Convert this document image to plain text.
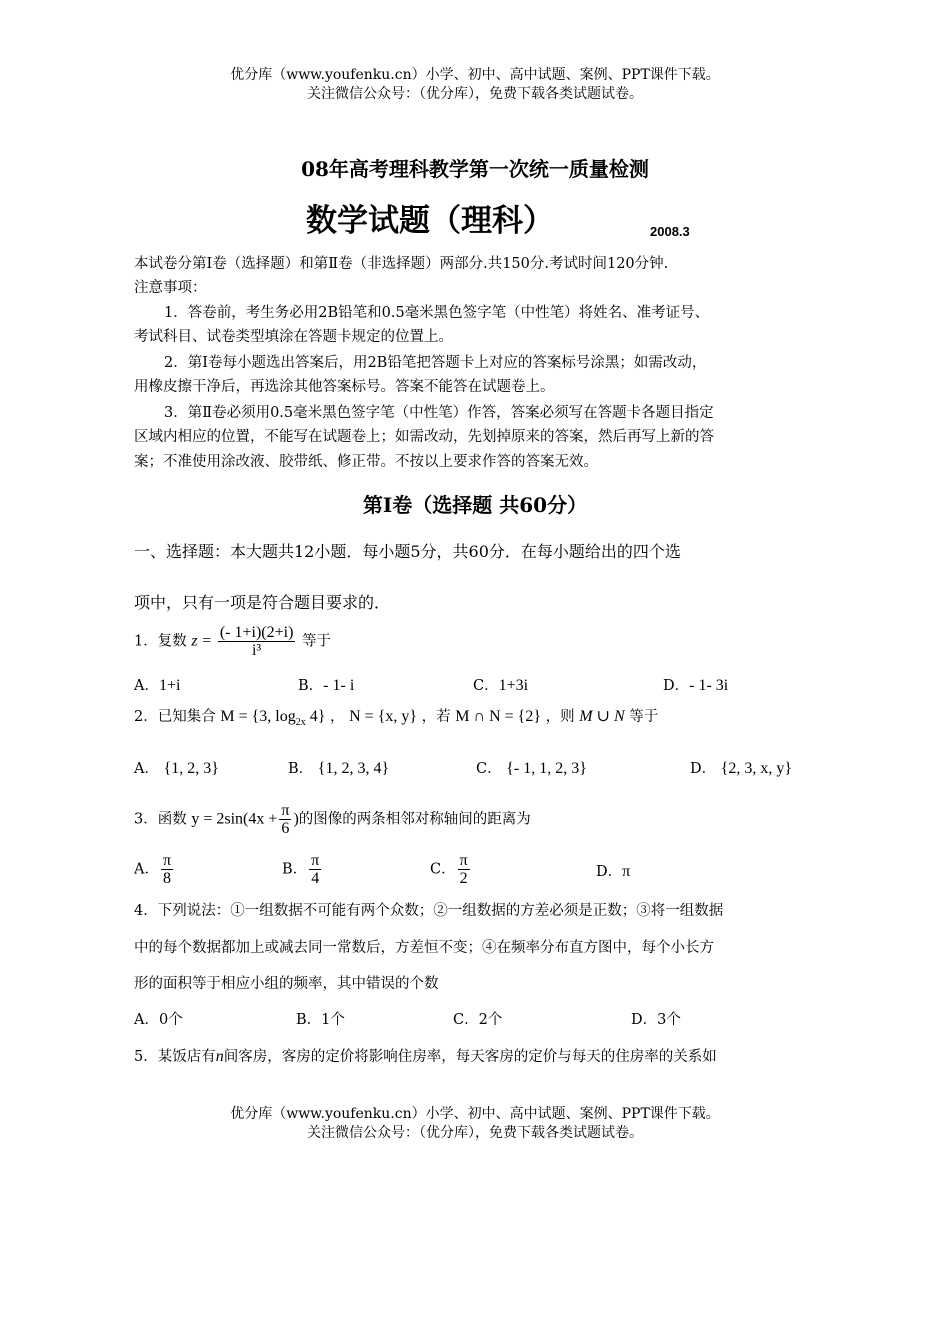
优分库（www.youfenku.cn）小学、初中、高中试题、案例、PPT课件下载。
关注微信公众号：（优分库），免费下载各类试题试卷。
08年高考理科教学第一次统一质量检测
数学试题（理科）	2008.3
本试卷分第Ⅰ卷（选择题）和第Ⅱ卷（非选择题）两部分.共150分.考试时间120分钟.
注意事项：
1．答卷前，考生务必用2B铅笔和0.5毫米黑色签字笔（中性笔）将姓名、准考证号、
考试科目、试卷类型填涂在答题卡规定的位置上。
2．第Ⅰ卷每小题选出答案后，用2B铅笔把答题卡上对应的答案标号涂黑；如需改动，
用橡皮擦干净后，再选涂其他答案标号。答案不能答在试题卷上。
3．第Ⅱ卷必须用0.5毫米黑色签字笔（中性笔）作答，答案必须写在答题卡各题目指定
区域内相应的位置，不能写在试题卷上；如需改动，先划掉原来的答案，然后再写上新的答
案；不准使用涂改液、胶带纸、修正带。不按以上要求作答的答案无效。
第Ⅰ卷（选择题 共60分）
一、选择题：本大题共12小题．每小题5分，共60分．在每小题给出的四个选
项中，只有一项是符合题目要求的．
1．复数 $z = \frac{(- 1+i)(2+i)}{\text{i³}}$ 等于
A．1+i	B．- 1- i	C．1+3i	D．- 1- 3i
2．已知集合 M = {3, $\log_{2x} 4$} ， N = {x, y} ，若 M ∩ N = {2} ，则 M ∪ N 等于
A． {1, 2, 3}	B． {1, 2, 3, 4}	C． {- 1, 1, 2, 3}	D． {2, 3, x, y}
3．函数 $y = 2\sin(4x + \frac{\pi}{6}$ )的图像的两条相邻对称轴间的距离为
A． $\frac{\pi}{8}$	B． $\frac{\pi}{4}$	C． $\frac{\pi}{2}$	D．π
4．下列说法：①一组数据不可能有两个众数；②一组数据的方差必须是正数；③将一组数据
中的每个数据都加上或减去同一常数后，方差恒不变；④在频率分布直方图中，每个小长方
形的面积等于相应小组的频率，其中错误的个数
A．0个	B．1个	C．2个	D．3个
5．某饭店有n间客房，客房的定价将影响住房率，每天客房的定价与每天的住房率的关系如
优分库（www.youfenku.cn）小学、初中、高中试题、案例、PPT课件下载。
关注微信公众号：（优分库），免费下载各类试题试卷。
